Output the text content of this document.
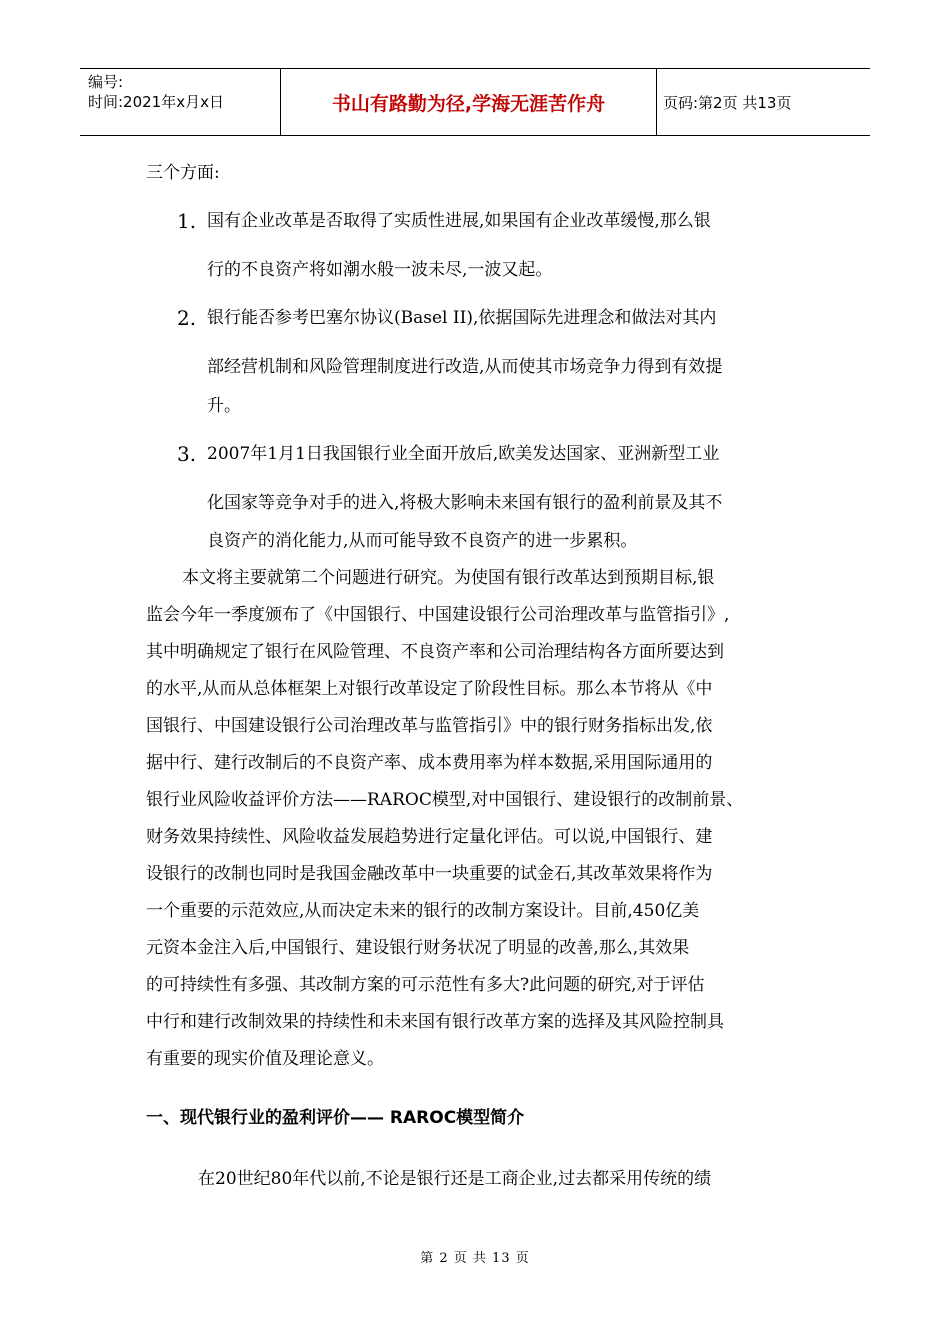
编号:
时间:2021年x月x日	书山有路勤为径,学海无涯苦作舟	页码:第2页 共13页
三个方面:
1. 国有企业改革是否取得了实质性进展,如果国有企业改革缓慢,那么银
行的不良资产将如潮水般一波未尽,一波又起。
2. 银行能否参考巴塞尔协议(Basel II),依据国际先进理念和做法对其内
部经营机制和风险管理制度进行改造,从而使其市场竞争力得到有效提
升。
3. 2007年1月1日我国银行业全面开放后,欧美发达国家、亚洲新型工业
化国家等竞争对手的进入,将极大影响未来国有银行的盈利前景及其不
良资产的消化能力,从而可能导致不良资产的进一步累积。
本文将主要就第二个问题进行研究。为使国有银行改革达到预期目标,银
监会今年一季度颁布了《中国银行、中国建设银行公司治理改革与监管指引》,
其中明确规定了银行在风险管理、不良资产率和公司治理结构各方面所要达到
的水平,从而从总体框架上对银行改革设定了阶段性目标。那么本节将从《中
国银行、中国建设银行公司治理改革与监管指引》中的银行财务指标出发,依
据中行、建行改制后的不良资产率、成本费用率为样本数据,采用国际通用的
银行业风险收益评价方法——RAROC模型,对中国银行、建设银行的改制前景、
财务效果持续性、风险收益发展趋势进行定量化评估。可以说,中国银行、建
设银行的改制也同时是我国金融改革中一块重要的试金石,其改革效果将作为
一个重要的示范效应,从而决定未来的银行的改制方案设计。目前,450亿美
元资本金注入后,中国银行、建设银行财务状况了明显的改善,那么,其效果
的可持续性有多强、其改制方案的可示范性有多大?此问题的研究,对于评估
中行和建行改制效果的持续性和未来国有银行改革方案的选择及其风险控制具
有重要的现实价值及理论意义。
一、现代银行业的盈利评价—— RAROC模型简介
在20世纪80年代以前,不论是银行还是工商企业,过去都采用传统的绩
第 2 页 共 13 页
